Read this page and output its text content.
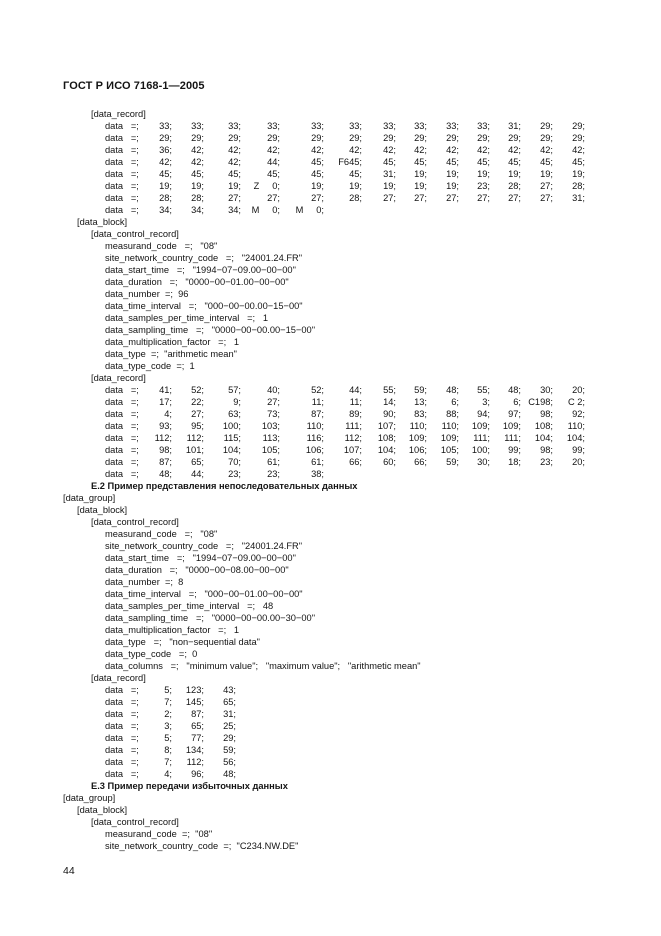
ГОСТ Р ИСО 7168-1—2005
[data_record]
data   =; 33; 33;	33;	33;	33;	33; 33; 33; 33; 33; 31; 29; 29;
data   =; 29; 29;	29;	29;	29;	29; 29; 29; 29; 29; 29; 29; 29;
data   =; 36; 42;	42;	42;	42;	42; 42; 42; 42; 42; 42; 42; 42;
data   =; 42; 42;	42;	44;	45; F645; 45; 45; 45; 45; 45; 45; 45;
data   =; 45; 45;	45;	45;	45;	45; 31; 19; 19; 19; 19; 19; 19;
data   =; 19; 19;	19; Z     0;	19;	19; 19; 19; 19; 23; 28; 27; 28;
data   =; 28; 28;	27;	27;	27;	28; 27; 27; 27; 27; 27; 27; 31;
data   =; 34; 34;	34; M     0; M     0;
[data_block]
[data_control_record]
measurand_code   =;   "08"
site_network_country_code   =;   "24001.24.FR"
data_start_time   =;   "1994−07−09.00−00−00"
data_duration   =;   "0000−00−01.00−00−00"
data_number  =;  96
data_time_interval   =;   "000−00−00.00−15−00"
data_samples_per_time_interval   =;   1
data_sampling_time   =;   "0000−00−00.00−15−00"
data_multiplication_factor   =;   1
data_type  =;  "arithmetic mean"
data_type_code  =;  1
[data_record]
data   =; 41; 52;	57;	40;	52;	44; 55; 59; 48; 55; 48; 30; 20;
data   =; 17; 22;	9;	27;	11;	11; 14; 13;	6; 3; 6; C198; C 2;
data   =;	4; 27;	63;	73;	87;	89; 90; 83; 88; 94; 97; 98; 92;
data   =; 93; 95; 100; 103;	110; 111; 107; 110; 110; 109; 109; 108; 110;
data   =; 112; 112; 115; 113;	116; 112; 108; 109; 109; 111; 111; 104; 104;
data   =; 98; 101; 104; 105;	106; 107; 104; 106; 105; 100; 99; 98; 99;
data   =; 87; 65;	70;	61;	61;	66; 60; 66; 59; 30; 18; 23; 20;
data   =; 48; 44;	23;	23;	38;
Е.2 Пример представления непоследовательных данных
[data_group]
[data_block]
[data_control_record]
measurand_code   =;   "08"
site_network_country_code   =;   "24001.24.FR"
data_start_time   =;   "1994−07−09.00−00−00"
data_duration   =;   "0000−00−08.00−00−00"
data_number  =;  8
data_time_interval   =;   "000−00−01.00−00−00"
data_samples_per_time_interval   =;   48
data_sampling_time   =;   "0000−00−00.00−30−00"
data_multiplication_factor   =;   1
data_type   =;   "non−sequential data"
data_type_code   =;  0
data_columns   =;   "minimum value";   "maximum value";   "arithmetic mean"
[data_record]
data   =;	5; 123; 43;
data   =;	7; 145; 65;
data   =;	2; 87; 31;
data   =;	3; 65; 25;
data   =;	5; 77; 29;
data   =;	8; 134; 59;
data   =;	7; 112; 56;
data   =;	4; 96; 48;
Е.3 Пример передачи избыточных данных
[data_group]
[data_block]
[data_control_record]
measurand_code  =;  "08"
site_network_country_code  =;  "C234.NW.DE"
44
